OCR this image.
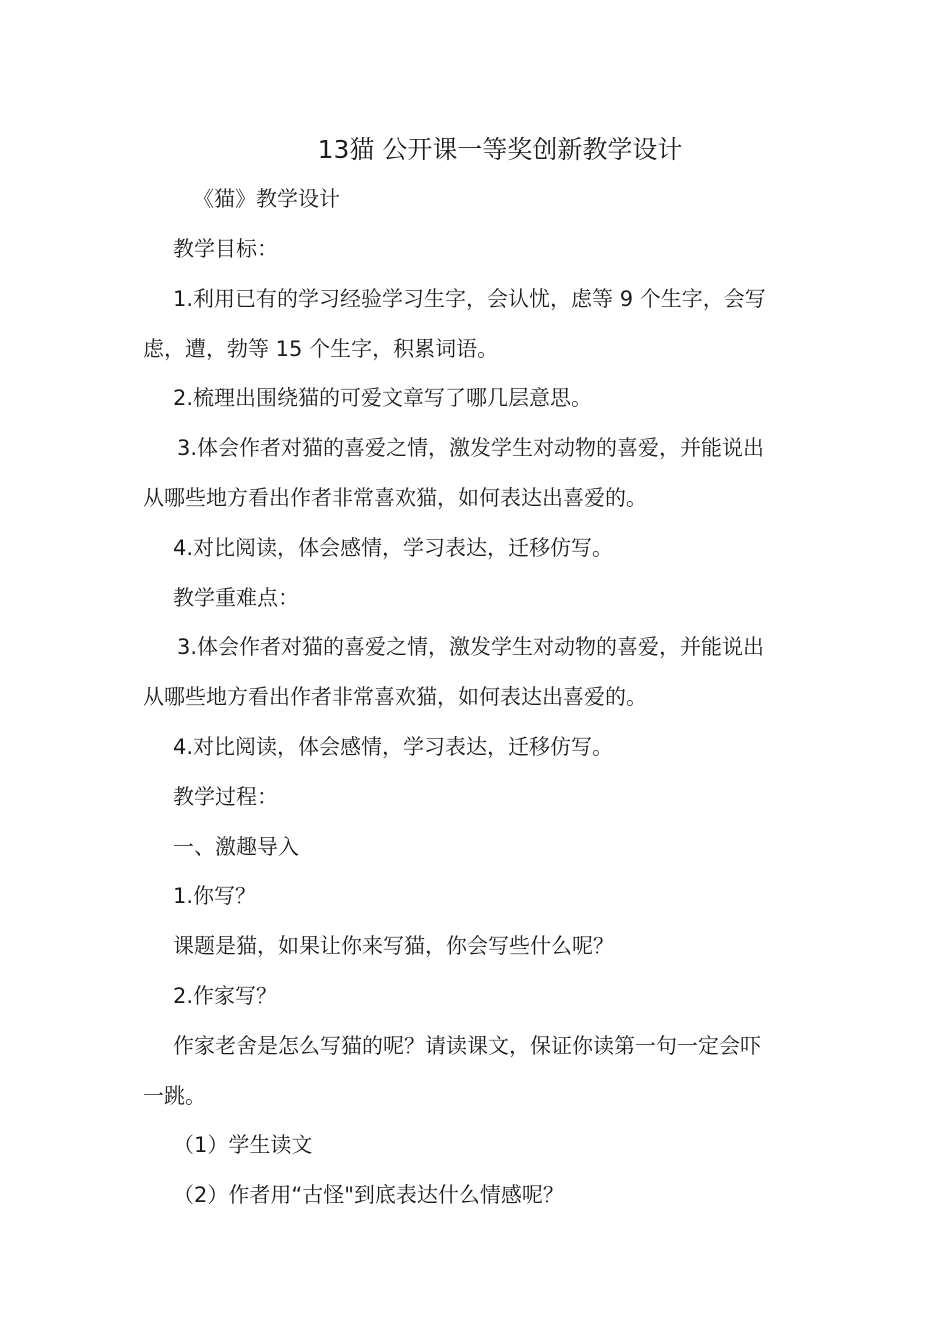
13猫 公开课一等奖创新教学设计
《猫》教学设计
教学目标：
1.利用已有的学习经验学习生字，会认忧，虑等 9 个生字，会写
虑，遭，勃等 15 个生字，积累词语。
2.梳理出围绕猫的可爱文章写了哪几层意思。
3.体会作者对猫的喜爱之情，激发学生对动物的喜爱，并能说出
从哪些地方看出作者非常喜欢猫，如何表达出喜爱的。
4.对比阅读，体会感情，学习表达，迁移仿写。
教学重难点：
3.体会作者对猫的喜爱之情，激发学生对动物的喜爱，并能说出
从哪些地方看出作者非常喜欢猫，如何表达出喜爱的。
4.对比阅读，体会感情，学习表达，迁移仿写。
教学过程：
一、激趣导入
1.你写？
课题是猫，如果让你来写猫，你会写些什么呢？
2.作家写？
作家老舍是怎么写猫的呢？请读课文，保证你读第一句一定会吓
一跳。
（1）学生读文
（2）作者用“古怪"到底表达什么情感呢？
